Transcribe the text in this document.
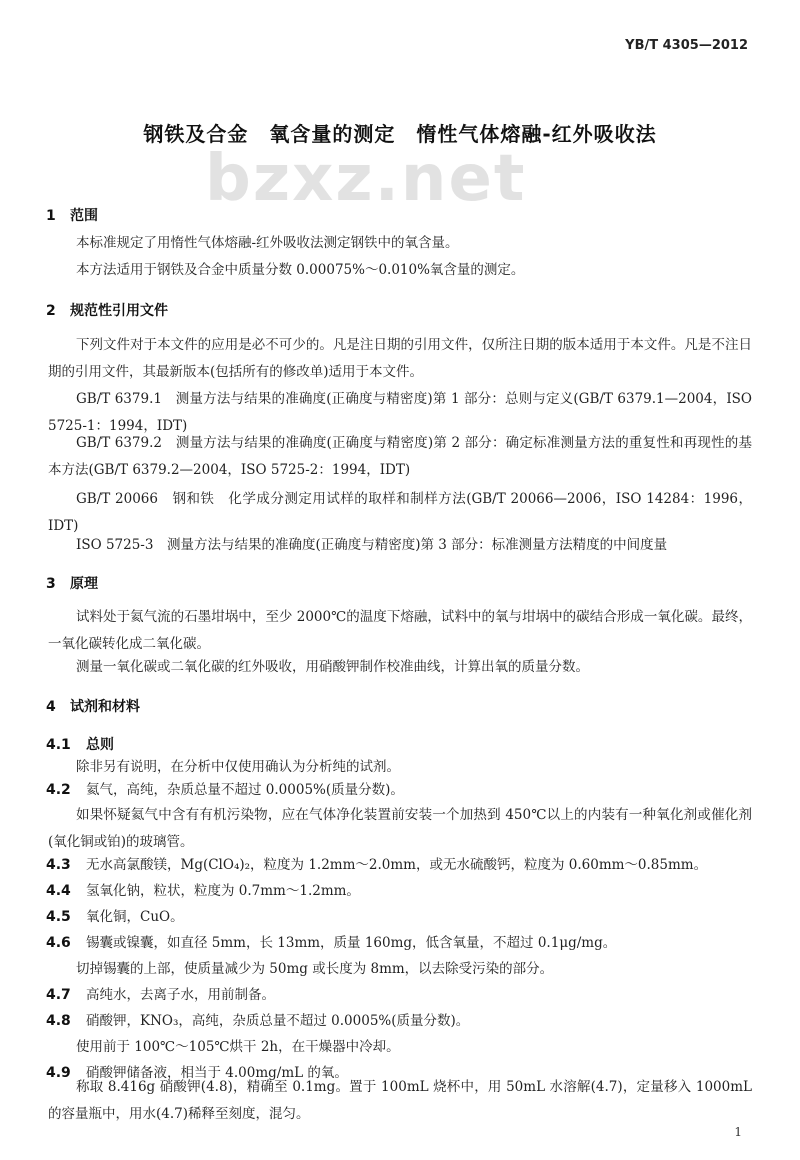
YB/T 4305—2012
钢铁及合金　氧含量的测定　惰性气体熔融-红外吸收法
bzxz.net
1 范围
本标准规定了用惰性气体熔融-红外吸收法测定钢铁中的氧含量。
本方法适用于钢铁及合金中质量分数 0.00075%～0.010%氧含量的测定。
2 规范性引用文件
下列文件对于本文件的应用是必不可少的。凡是注日期的引用文件，仅所注日期的版本适用于本文件。凡是不注日期的引用文件，其最新版本(包括所有的修改单)适用于本文件。
GB/T 6379.1　测量方法与结果的准确度(正确度与精密度)第 1 部分：总则与定义(GB/T 6379.1—2004，ISO 5725-1：1994，IDT)
GB/T 6379.2　测量方法与结果的准确度(正确度与精密度)第 2 部分：确定标准测量方法的重复性和再现性的基本方法(GB/T 6379.2—2004，ISO 5725-2：1994，IDT)
GB/T 20066　钢和铁　化学成分测定用试样的取样和制样方法(GB/T 20066—2006，ISO 14284：1996，IDT)
ISO 5725-3　测量方法与结果的准确度(正确度与精密度)第 3 部分：标准测量方法精度的中间度量
3 原理
试料处于氦气流的石墨坩埚中，至少 2000℃的温度下熔融，试料中的氧与坩埚中的碳结合形成一氧化碳。最终，一氧化碳转化成二氧化碳。
测量一氧化碳或二氧化碳的红外吸收，用硝酸钾制作校准曲线，计算出氧的质量分数。
4 试剂和材料
4.1 总则
除非另有说明，在分析中仅使用确认为分析纯的试剂。
4.2	氦气，高纯，杂质总量不超过 0.0005%(质量分数)。
如果怀疑氦气中含有有机污染物，应在气体净化装置前安装一个加热到 450℃以上的内装有一种氧化剂或催化剂(氧化铜或铂)的玻璃管。
4.3	无水高氯酸镁，Mg(ClO₄)₂，粒度为 1.2mm～2.0mm，或无水硫酸钙，粒度为 0.60mm～0.85mm。
4.4	氢氧化钠，粒状，粒度为 0.7mm～1.2mm。
4.5	氧化铜，CuO。
4.6	锡囊或镍囊，如直径 5mm，长 13mm，质量 160mg，低含氧量，不超过 0.1μg/mg。
切掉锡囊的上部，使质量减少为 50mg 或长度为 8mm，以去除受污染的部分。
4.7	高纯水，去离子水，用前制备。
4.8	硝酸钾，KNO₃，高纯，杂质总量不超过 0.0005%(质量分数)。
使用前于 100℃～105℃烘干 2h，在干燥器中冷却。
4.9	硝酸钾储备液，相当于 4.00mg/mL 的氧。
称取 8.416g 硝酸钾(4.8)，精确至 0.1mg。置于 100mL 烧杯中，用 50mL 水溶解(4.7)，定量移入 1000mL 的容量瓶中，用水(4.7)稀释至刻度，混匀。
1
